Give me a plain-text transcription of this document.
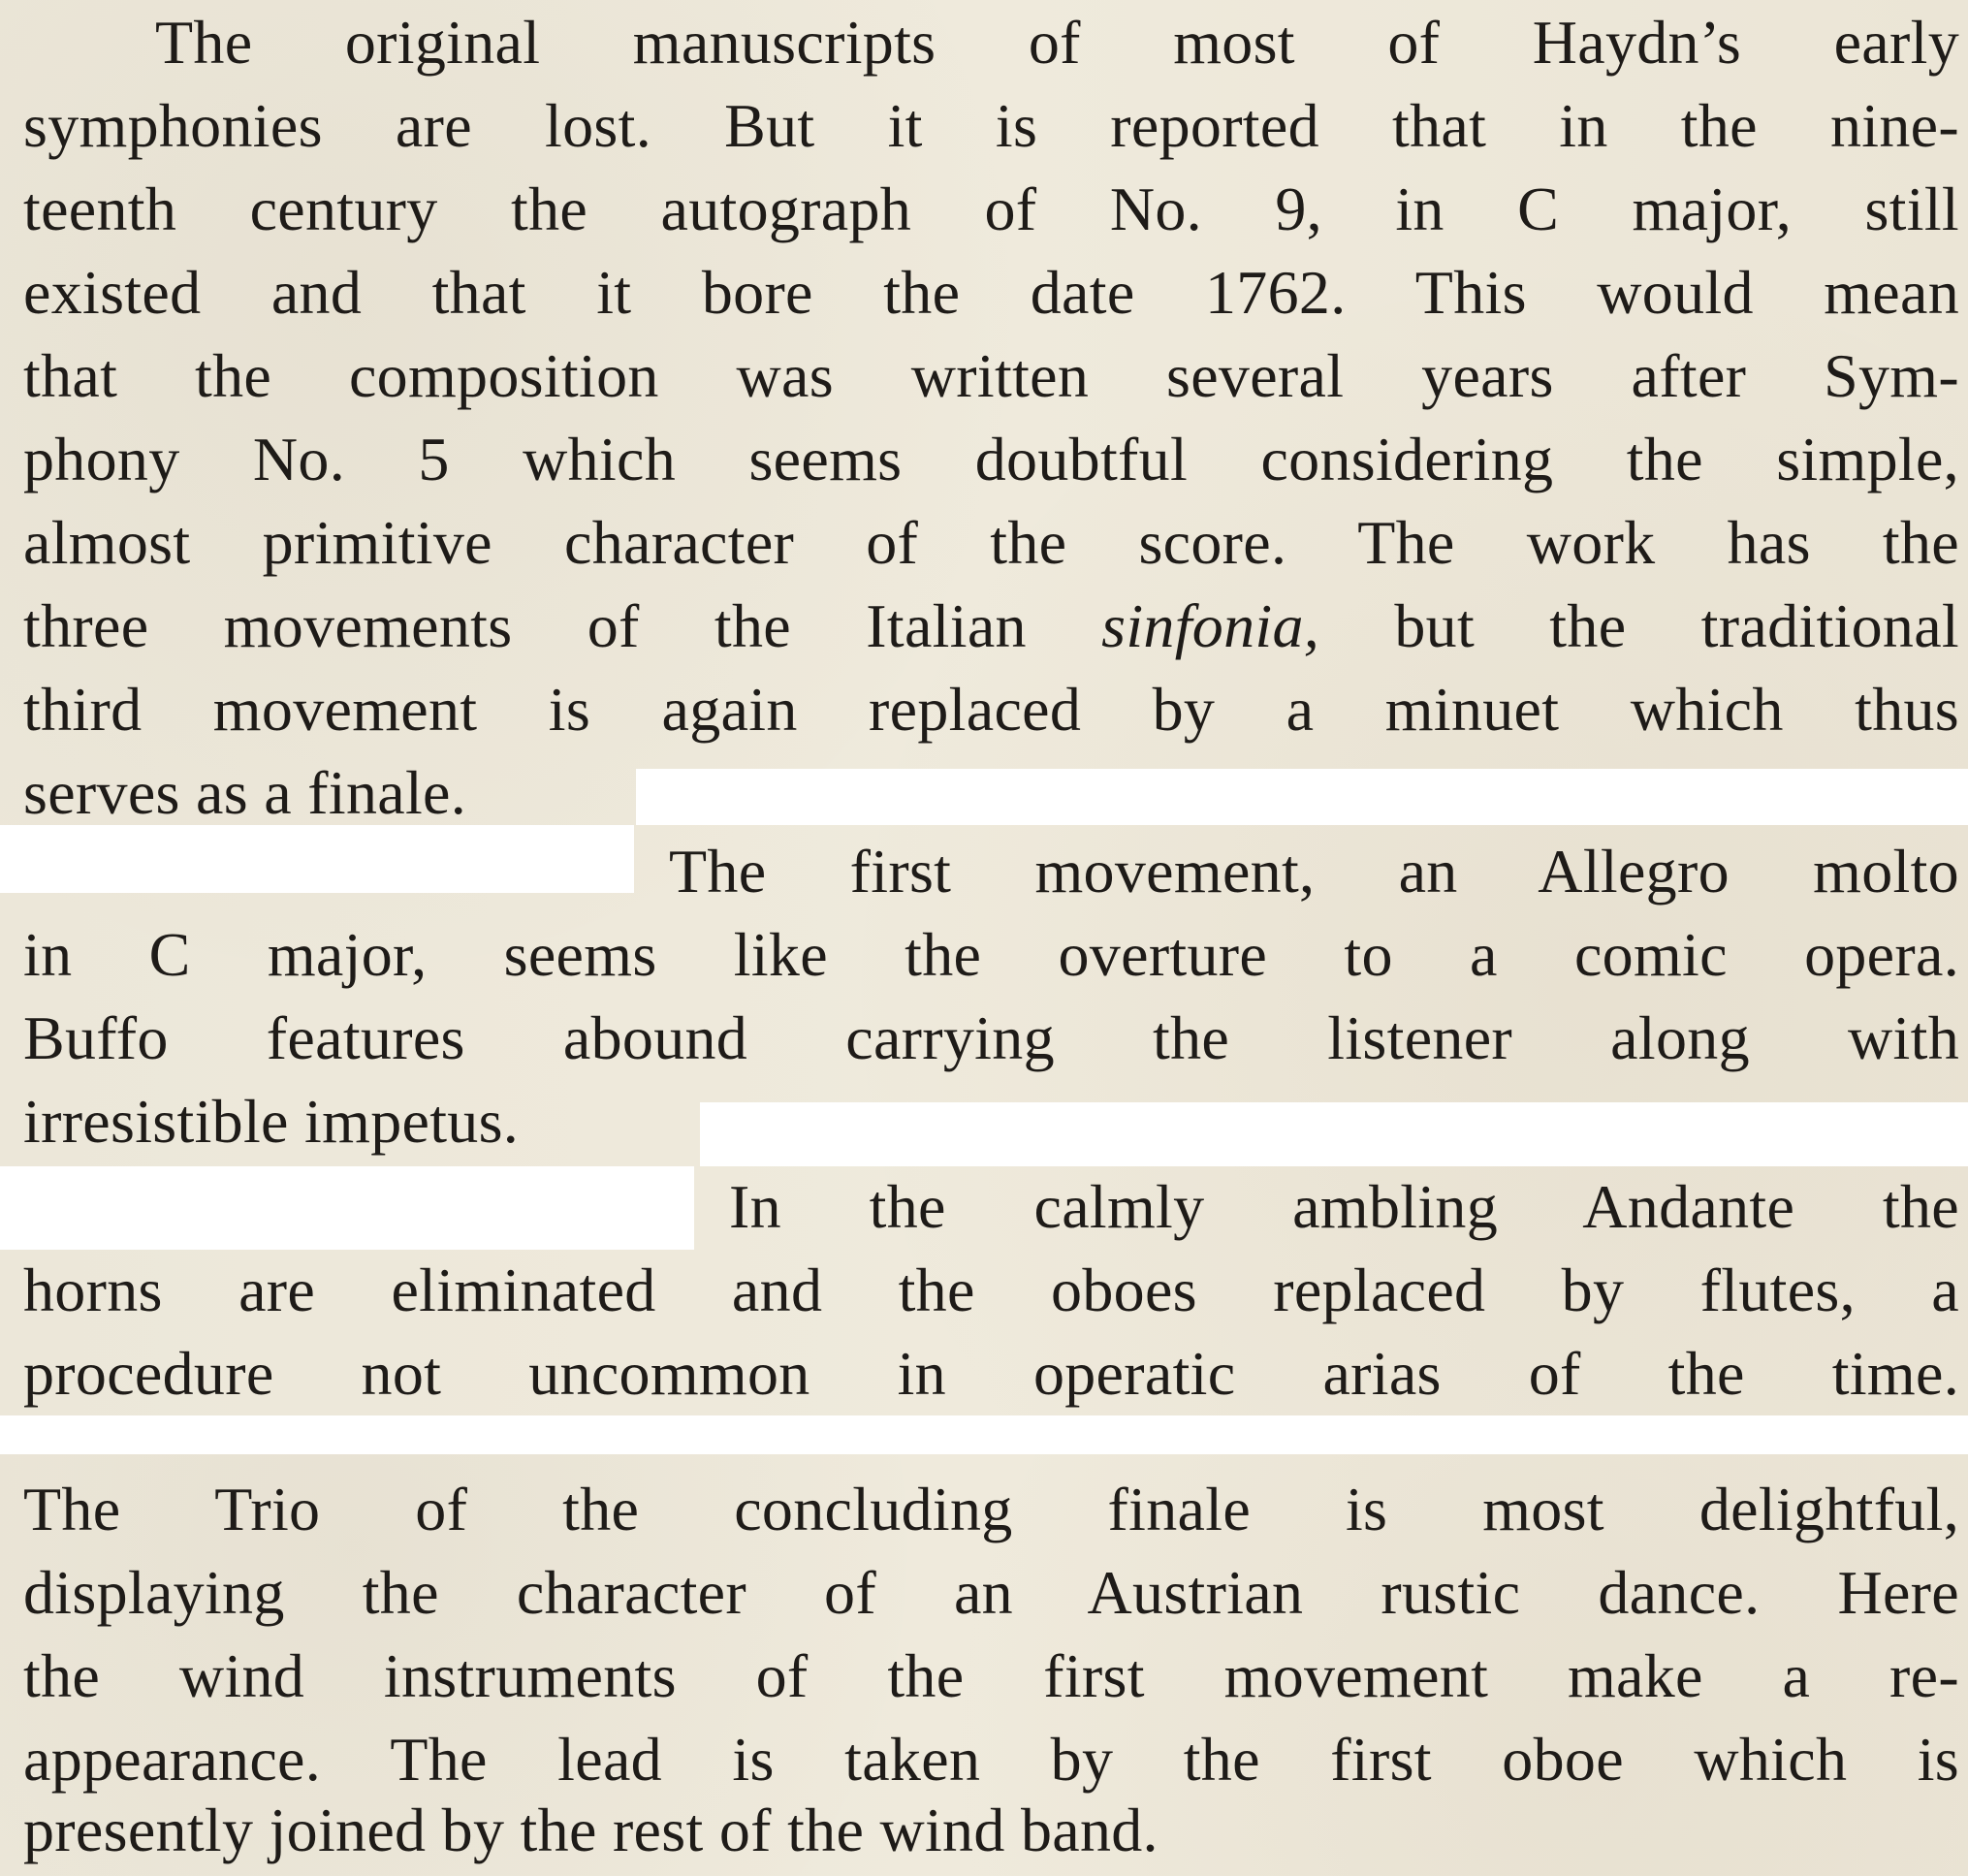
The original manuscripts of most of Haydn’s early
symphonies are lost. But it is reported that in the nine-
teenth century the autograph of No. 9, in C major, still
existed and that it bore the date 1762. This would mean
that the composition was written several years after Sym-
phony No. 5 which seems doubtful considering the simple,
almost primitive character of the score. The work has the
three movements of the Italian sinfonia, but the traditional
third movement is again replaced by a minuet which thus
serves as a finale.
The first movement, an Allegro molto
in C major, seems like the overture to a comic opera.
Buffo features abound carrying the listener along with
irresistible impetus.
In the calmly ambling Andante the
horns are eliminated and the oboes replaced by flutes, a
procedure not uncommon in operatic arias of the time.
The Trio of the concluding finale is most delightful,
displaying the character of an Austrian rustic dance. Here
the wind instruments of the first movement make a re-
appearance. The lead is taken by the first oboe which is
presently joined by the rest of the wind band.
